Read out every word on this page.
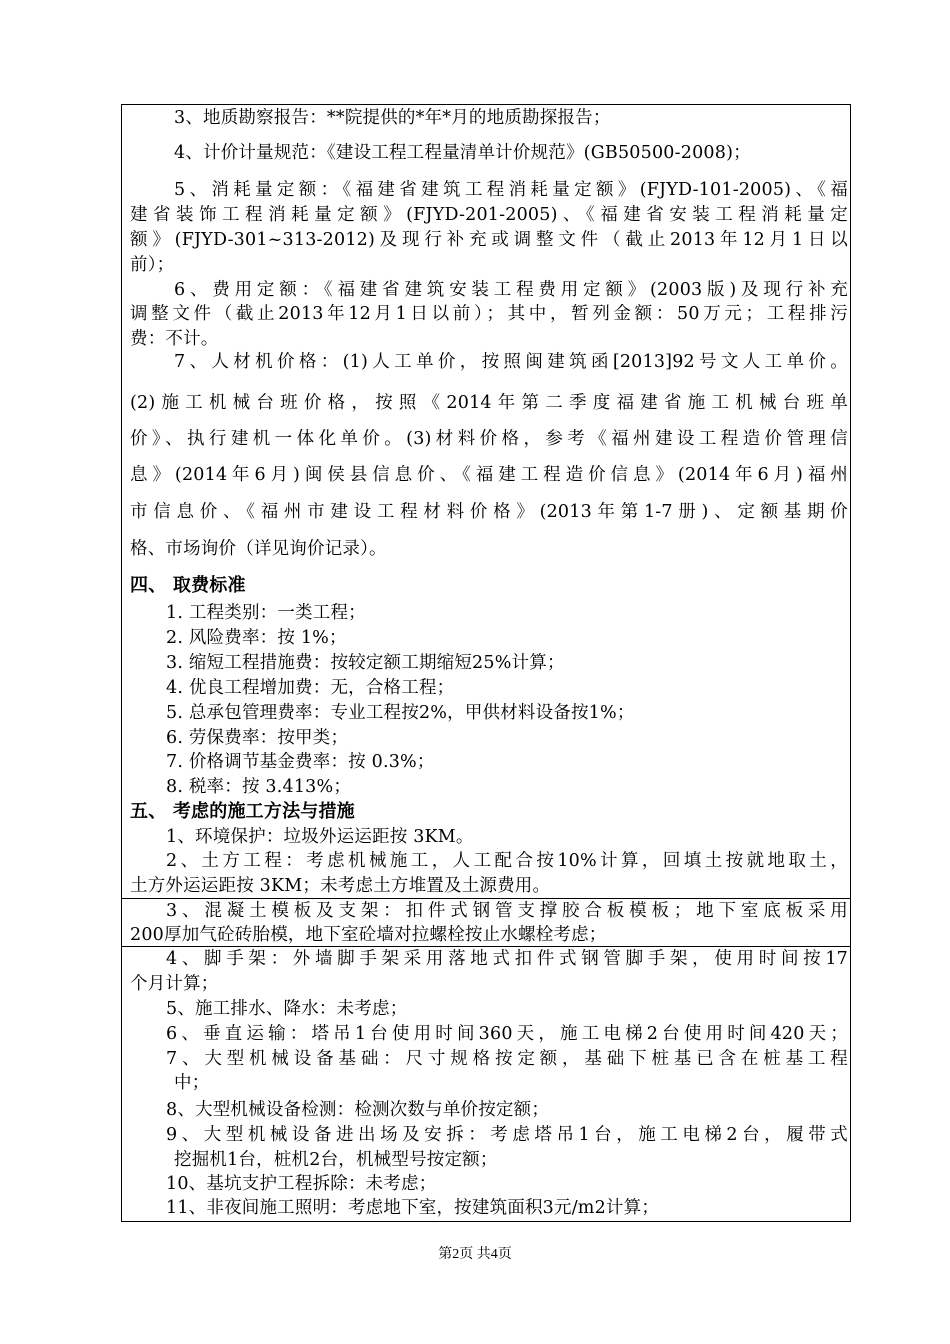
3、地质勘察报告：**院提供的*年*月的地质勘探报告；
4、计价计量规范：《建设工程工程量清单计价规范》(GB50500-2008)；
5、消耗量定额：《福建省建筑工程消耗量定额》(FJYD-101-2005)、《福
建省装饰工程消耗量定额》(FJYD-201-2005)、《福建省安装工程消耗量定
额》(FJYD-301~313-2012)及现行补充或调整文件（截止2013年12月1日以
前）；
6、费用定额：《福建省建筑安装工程费用定额》(2003版)及现行补充
调整文件（截止2013年12月1日以前）；其中，暂列金额：50万元；工程排污
费：不计。
7、人材机价格：(1)人工单价，按照闽建筑函[2013]92号文人工单价。
(2)施工机械台班价格，按照《2014年第二季度福建省施工机械台班单
价》、执行建机一体化单价。(3)材料价格，参考《福州建设工程造价管理信
息》(2014年6月)闽侯县信息价、《福建工程造价信息》(2014年6月)福州
市信息价、《福州市建设工程材料价格》(2013年第1-7册)、定额基期价
格、市场询价（详见询价记录）。
四、 取费标准
1. 工程类别：一类工程；
2. 风险费率：按 1%；
3. 缩短工程措施费：按较定额工期缩短25%计算；
4. 优良工程增加费：无，合格工程；
5. 总承包管理费率：专业工程按2%，甲供材料设备按1%；
6. 劳保费率：按甲类；
7. 价格调节基金费率：按 0.3%；
8. 税率：按 3.413%；
五、 考虑的施工方法与措施
1、环境保护：垃圾外运运距按 3KM。
2、土方工程：考虑机械施工，人工配合按10%计算，回填土按就地取土，
土方外运运距按 3KM；未考虑土方堆置及土源费用。
3、混凝土模板及支架：扣件式钢管支撑胶合板模板；地下室底板采用
200厚加气砼砖胎模，地下室砼墙对拉螺栓按止水螺栓考虑；
4、脚手架：外墙脚手架采用落地式扣件式钢管脚手架，使用时间按17
个月计算；
5、施工排水、降水：未考虑；
6、垂直运输：塔吊1台使用时间360天，施工电梯2台使用时间420天；
7、大型机械设备基础：尺寸规格按定额，基础下桩基已含在桩基工程
中；
8、大型机械设备检测：检测次数与单价按定额；
9、大型机械设备进出场及安拆：考虑塔吊1台，施工电梯2台，履带式
挖掘机1台，桩机2台，机械型号按定额；
10、基坑支护工程拆除：未考虑；
11、非夜间施工照明：考虑地下室，按建筑面积3元/m2计算；
第2页 共4页
